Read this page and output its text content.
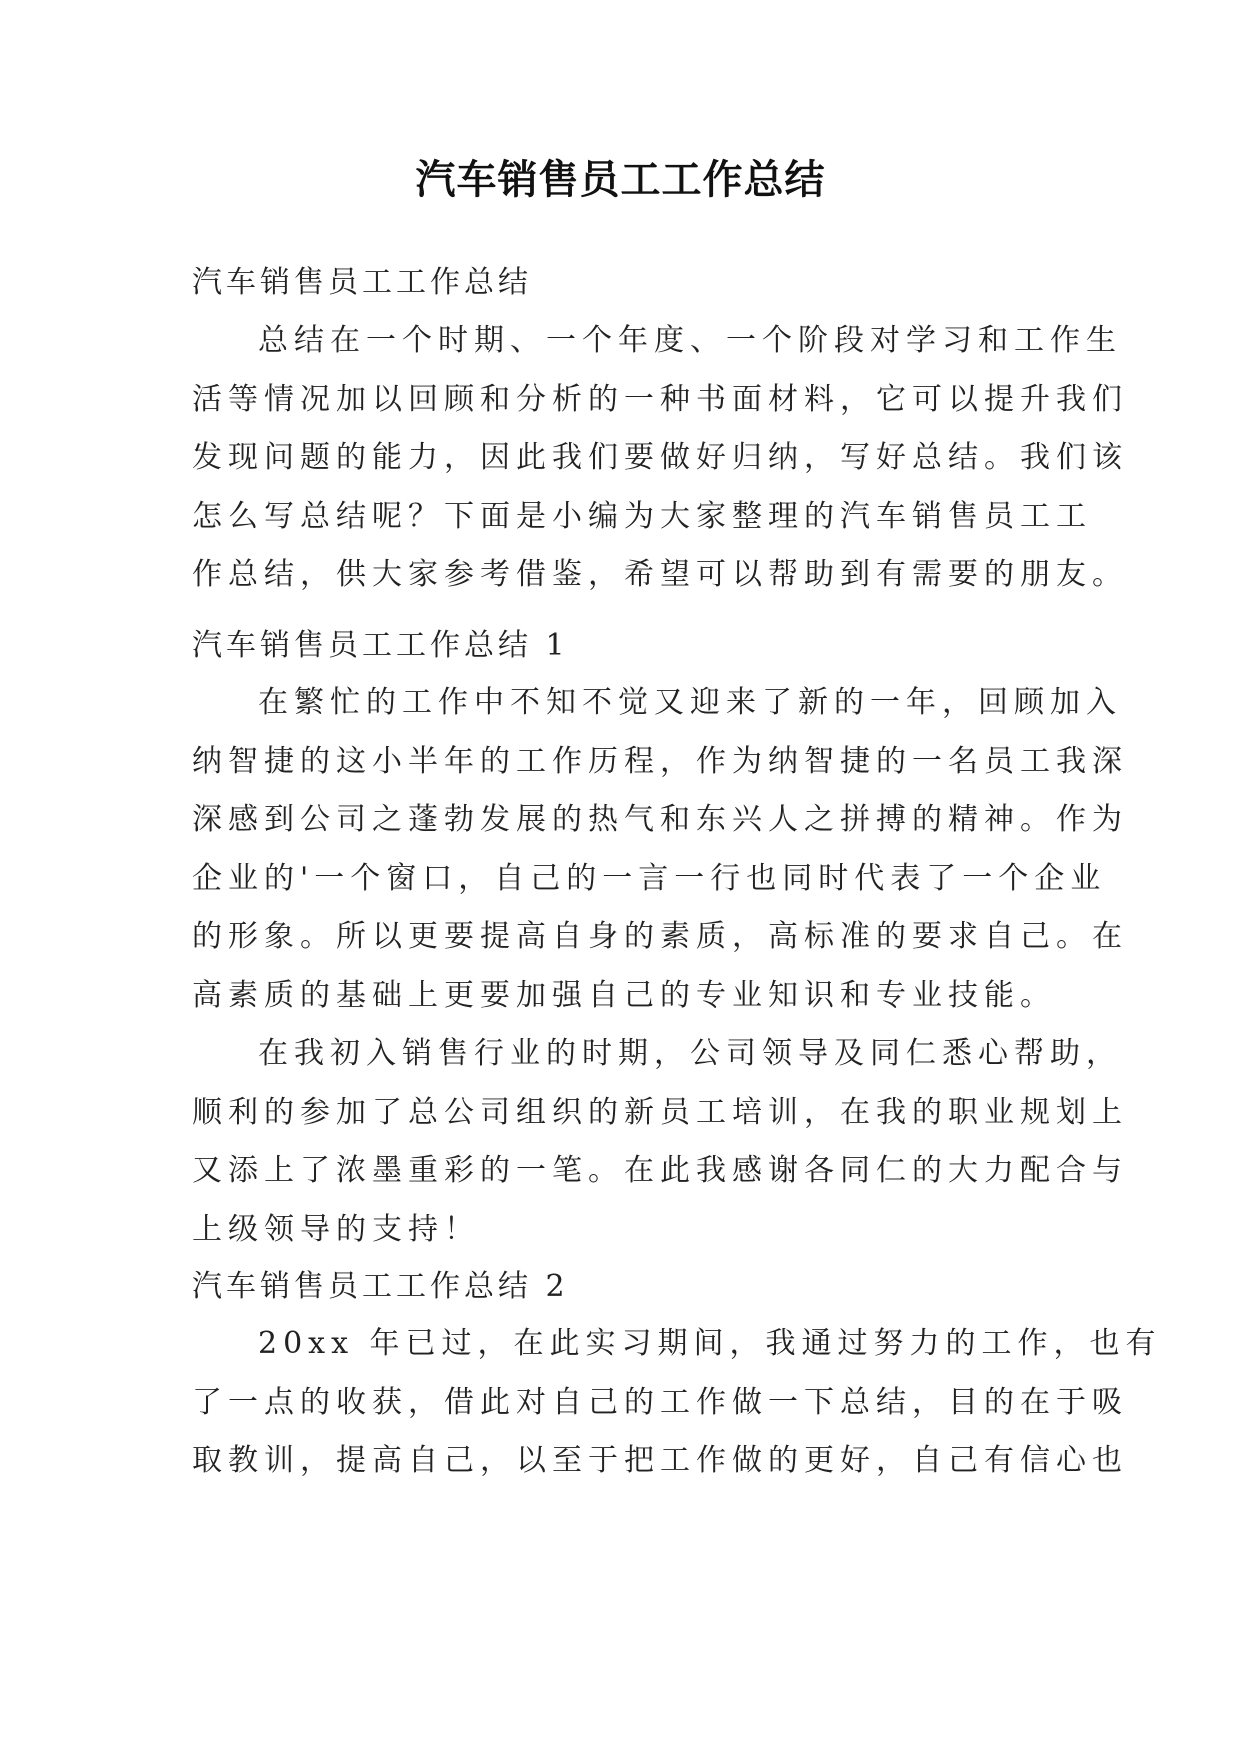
汽车销售员工工作总结
汽车销售员工工作总结
总结在一个时期、一个年度、一个阶段对学习和工作生
活等情况加以回顾和分析的一种书面材料，它可以提升我们
发现问题的能力，因此我们要做好归纳，写好总结。我们该
怎么写总结呢？下面是小编为大家整理的汽车销售员工工
作总结，供大家参考借鉴，希望可以帮助到有需要的朋友。
汽车销售员工工作总结 1
在繁忙的工作中不知不觉又迎来了新的一年，回顾加入
纳智捷的这小半年的工作历程，作为纳智捷的一名员工我深
深感到公司之蓬勃发展的热气和东兴人之拼搏的精神。作为
企业的'一个窗口，自己的一言一行也同时代表了一个企业
的形象。所以更要提高自身的素质，高标准的要求自己。在
高素质的基础上更要加强自己的专业知识和专业技能。
在我初入销售行业的时期，公司领导及同仁悉心帮助，
顺利的参加了总公司组织的新员工培训，在我的职业规划上
又添上了浓墨重彩的一笔。在此我感谢各同仁的大力配合与
上级领导的支持！
汽车销售员工工作总结 2
20xx 年已过，在此实习期间，我通过努力的工作，也有
了一点的收获，借此对自己的工作做一下总结，目的在于吸
取教训，提高自己，以至于把工作做的更好，自己有信心也
